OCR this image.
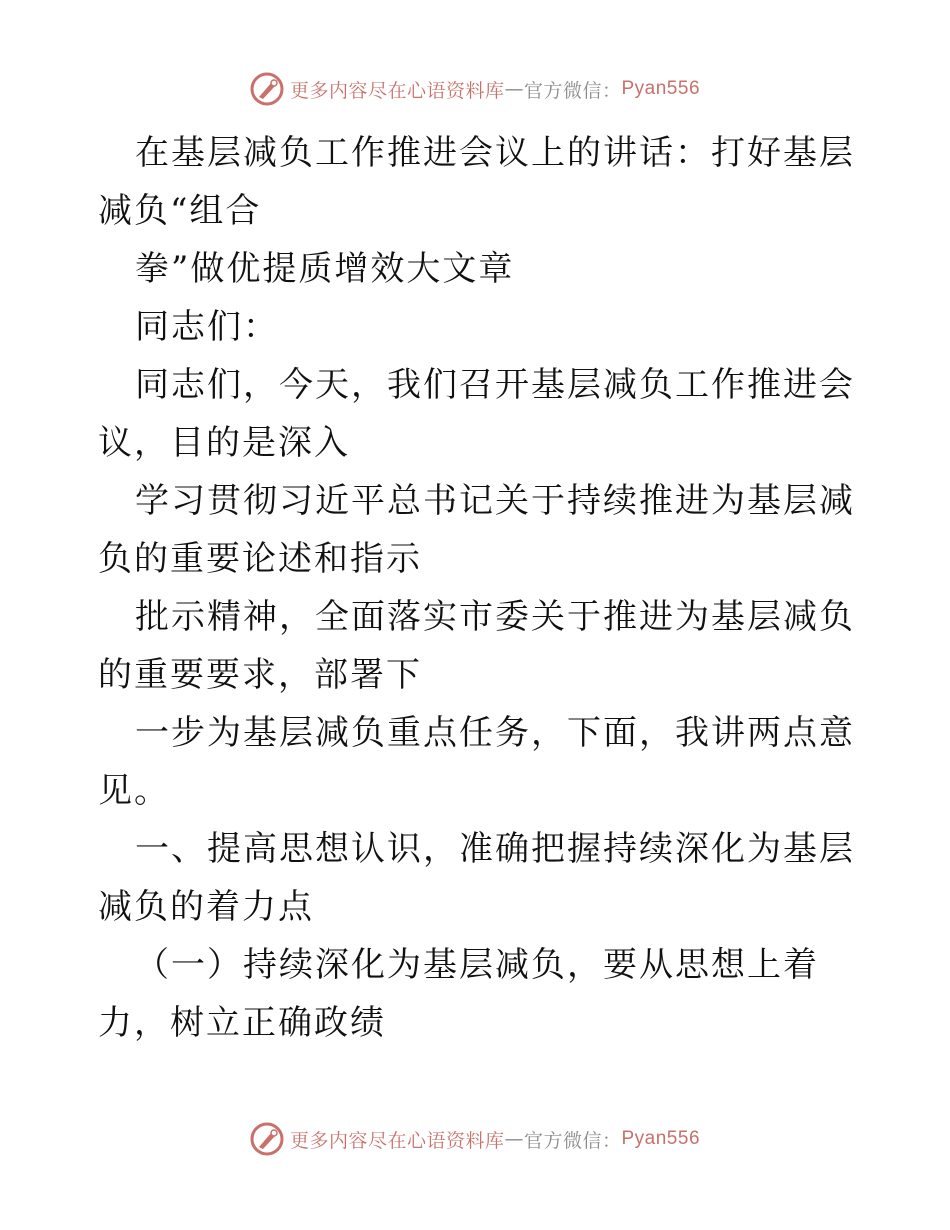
更多内容尽在心语资料库 — 官方微信： Pyan556

在基层减负工作推进会议上的讲话：打好基层减负“组合

拳”做优提质增效大文章

同志们：

同志们，今天，我们召开基层减负工作推进会议，目的是深入

学习贯彻习近平总书记关于持续推进为基层减负的重要论述和指示

批示精神，全面落实市委关于推进为基层减负的重要要求，部署下

一步为基层减负重点任务，下面，我讲两点意见。

一、提高思想认识，准确把握持续深化为基层减负的着力点

（一）持续深化为基层减负，要从思想上着力，树立正确政绩

更多内容尽在心语资料库 — 官方微信： Pyan556
